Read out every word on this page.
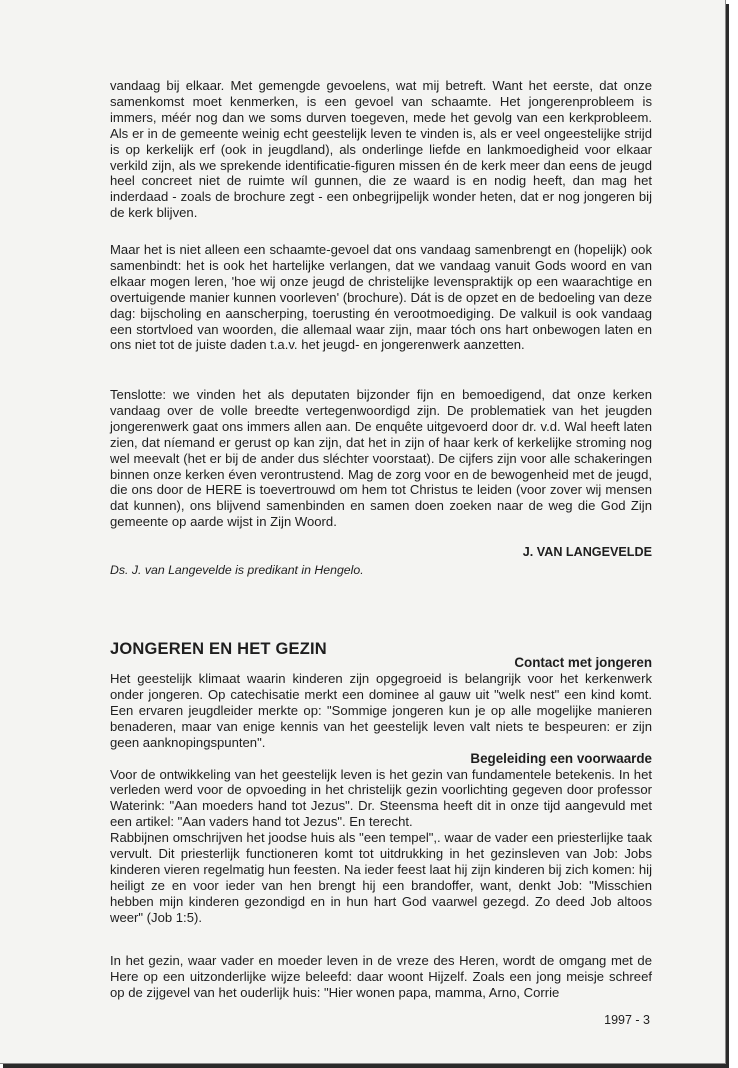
vandaag bij elkaar. Met gemengde gevoelens, wat mij betreft. Want het eerste, dat onze samenkomst moet kenmerken, is een gevoel van schaamte. Het jongerenprobleem is immers, méér nog dan we soms durven toegeven, mede het gevolg van een kerkprobleem. Als er in de gemeente weinig echt geestelijk leven te vinden is, als er veel ongeestelijke strijd is op kerkelijk erf (ook in jeugdland), als onderlinge liefde en lankmoedigheid voor elkaar verkild zijn, als we sprekende identificatie-figuren missen én de kerk meer dan eens de jeugd heel concreet niet de ruimte wíl gunnen, die ze waard is en nodig heeft, dan mag het inderdaad - zoals de brochure zegt - een onbegrijpelijk wonder heten, dat er nog jongeren bij de kerk blijven.

Maar het is niet alleen een schaamte-gevoel dat ons vandaag samenbrengt en (hopelijk) ook samenbindt: het is ook het hartelijke verlangen, dat we vandaag vanuit Gods woord en van elkaar mogen leren, 'hoe wij onze jeugd de christelijke levenspraktijk op een waarachtige en overtuigende manier kunnen voorleven' (brochure). Dát is de opzet en de bedoeling van deze dag: bijscholing en aanscherping, toerusting én verootmoediging. De valkuil is ook vandaag een stortvloed van woorden, die allemaal waar zijn, maar tóch ons hart onbewogen laten en ons niet tot de juiste daden t.a.v. het jeugd- en jongerenwerk aanzetten.

Tenslotte: we vinden het als deputaten bijzonder fijn en bemoedigend, dat onze kerken vandaag over de volle breedte vertegenwoordigd zijn. De problematiek van het jeugden jongerenwerk gaat ons immers allen aan. De enquête uitgevoerd door dr. v.d. Wal heeft laten zien, dat níemand er gerust op kan zijn, dat het in zijn of haar kerk of kerkelijke stroming nog wel meevalt (het er bij de ander dus sléchter voorstaat). De cijfers zijn voor alle schakeringen binnen onze kerken éven verontrustend. Mag de zorg voor en de bewogenheid met de jeugd, die ons door de HERE is toevertrouwd om hem tot Christus te leiden (voor zover wij mensen dat kunnen), ons blijvend samenbinden en samen doen zoeken naar de weg die God Zijn gemeente op aarde wijst in Zijn Woord.

J. VAN LANGEVELDE
Ds. J. van Langevelde is predikant in Hengelo.
JONGEREN EN HET GEZIN

Contact met jongeren

Het geestelijk klimaat waarin kinderen zijn opgegroeid is belangrijk voor het kerkenwerk onder jongeren. Op catechisatie merkt een dominee al gauw uit "welk nest" een kind komt. Een ervaren jeugdleider merkte op: "Sommige jongeren kun je op alle mogelijke manieren benaderen, maar van enige kennis van het geestelijk leven valt niets te bespeuren: er zijn geen aanknopingspunten".

Begeleiding een voorwaarde

Voor de ontwikkeling van het geestelijk leven is het gezin van fundamentele betekenis. In het verleden werd voor de opvoeding in het christelijk gezin voorlichting gegeven door professor Waterink: "Aan moeders hand tot Jezus". Dr. Steensma heeft dit in onze tijd aangevuld met een artikel: "Aan vaders hand tot Jezus". En terecht.

Rabbijnen omschrijven het joodse huis als "een tempel",. waar de vader een priesterlijke taak vervult. Dit priesterlijk functioneren komt tot uitdrukking in het gezinsleven van Job: Jobs kinderen vieren regelmatig hun feesten. Na ieder feest laat hij zijn kinderen bij zich komen: hij heiligt ze en voor ieder van hen brengt hij een brandoffer, want, denkt Job: "Misschien hebben mijn kinderen gezondigd en in hun hart God vaarwel gezegd. Zo deed Job altoos weer" (Job 1:5).

In het gezin, waar vader en moeder leven in de vreze des Heren, wordt de omgang met de Here op een uitzonderlijke wijze beleefd: daar woont Hijzelf. Zoals een jong meisje schreef op de zijgevel van het ouderlijk huis: "Hier wonen papa, mamma, Arno, Corrie

1997 - 3
